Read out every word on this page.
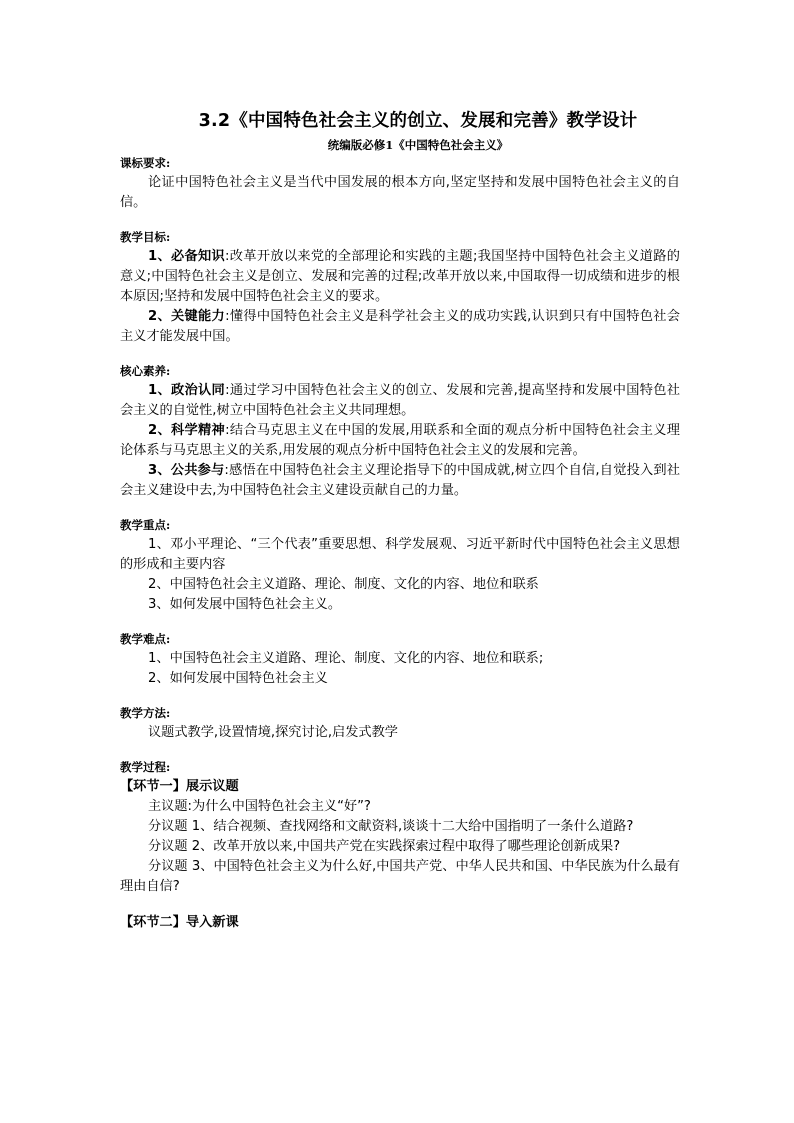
3.2《中国特色社会主义的创立、发展和完善》教学设计
统编版必修1《中国特色社会主义》
课标要求:

论证中国特色社会主义是当代中国发展的根本方向,坚定坚持和发展中国特色社会主义的自信。

教学目标:

1、必备知识:改革开放以来党的全部理论和实践的主题;我国坚持中国特色社会主义道路的意义;中国特色社会主义是创立、发展和完善的过程;改革开放以来,中国取得一切成绩和进步的根本原因;坚持和发展中国特色社会主义的要求。

2、关键能力:懂得中国特色社会主义是科学社会主义的成功实践,认识到只有中国特色社会主义才能发展中国。

核心素养:

1、政治认同:通过学习中国特色社会主义的创立、发展和完善,提高坚持和发展中国特色社会主义的自觉性,树立中国特色社会主义共同理想。

2、科学精神:结合马克思主义在中国的发展,用联系和全面的观点分析中国特色社会主义理论体系与马克思主义的关系,用发展的观点分析中国特色社会主义的发展和完善。

3、公共参与:感悟在中国特色社会主义理论指导下的中国成就,树立四个自信,自觉投入到社会主义建设中去,为中国特色社会主义建设贡献自己的力量。

教学重点:

1、邓小平理论、“三个代表”重要思想、科学发展观、习近平新时代中国特色社会主义思想的形成和主要内容

2、中国特色社会主义道路、理论、制度、文化的内容、地位和联系

3、如何发展中国特色社会主义。

教学难点:

1、中国特色社会主义道路、理论、制度、文化的内容、地位和联系;

2、如何发展中国特色社会主义

教学方法:

议题式教学,设置情境,探究讨论,启发式教学

教学过程:

【环节一】展示议题

主议题:为什么中国特色社会主义“好”?

分议题 1、结合视频、查找网络和文献资料,谈谈十二大给中国指明了一条什么道路?

分议题 2、改革开放以来,中国共产党在实践探索过程中取得了哪些理论创新成果?

分议题 3、中国特色社会主义为什么好,中国共产党、中华人民共和国、中华民族为什么最有理由自信?

【环节二】导入新课
